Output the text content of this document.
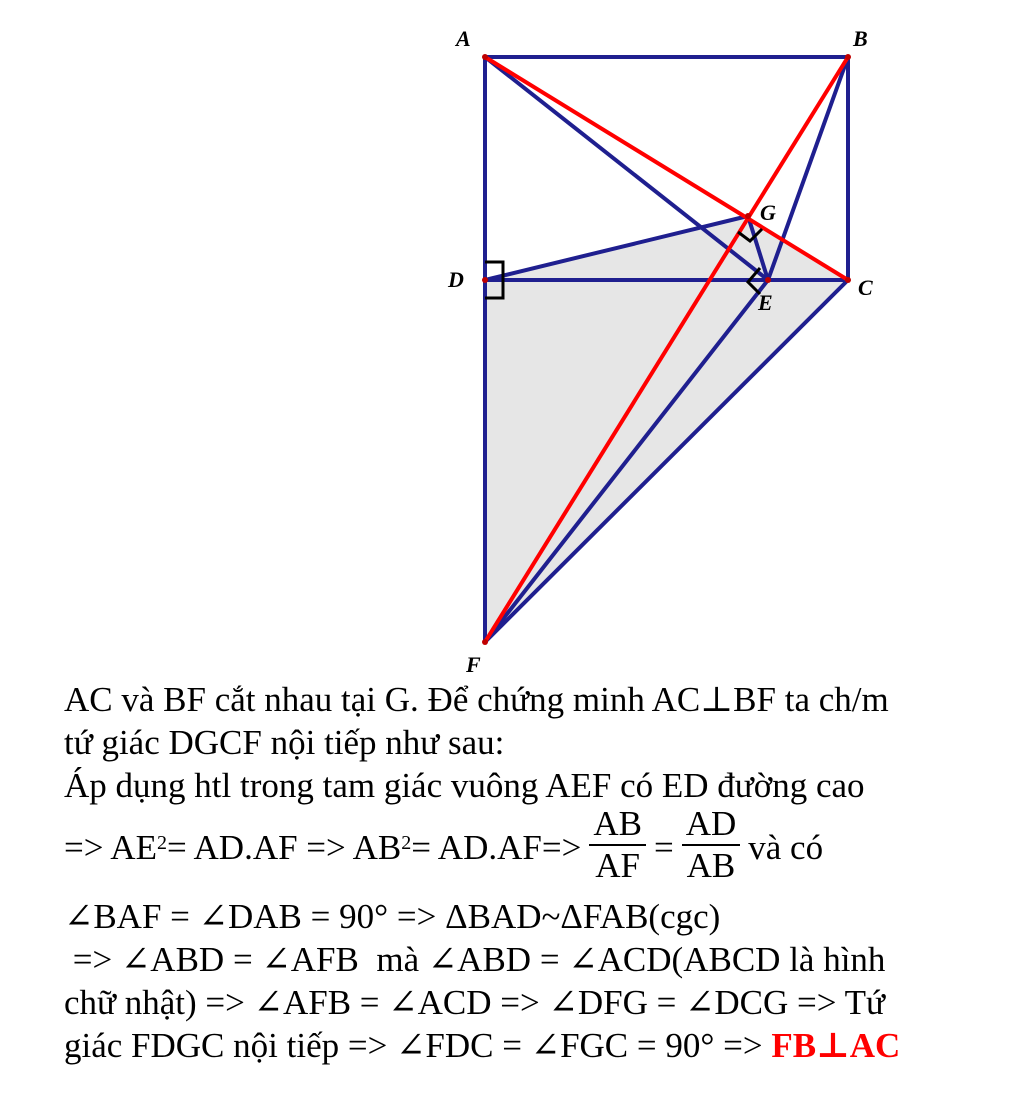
A	B
C
D
E
F
G
AC và BF cắt nhau tại G. Để chứng minh AC⊥BF ta ch/m
tứ giác DGCF nội tiếp như sau:
Áp dụng htl trong tam giác vuông AEF có ED đường cao
=> $AE^2 = AD.AF => AB^2 = AD.AF=> \frac{AB}{AF} = \frac{AD}{AB}$ và có
∠BAF = ∠DAB = 90° => ΔBAD~ΔFAB(cgc)
=> ∠ABD = ∠AFB  mà ∠ABD = ∠ACD(ABCD là hình
chữ nhật) => ∠AFB = ∠ACD => ∠DFG = ∠DCG => Tứ
giác FDGC nội tiếp => ∠FDC = ∠FGC = 90° => FB⊥AC
